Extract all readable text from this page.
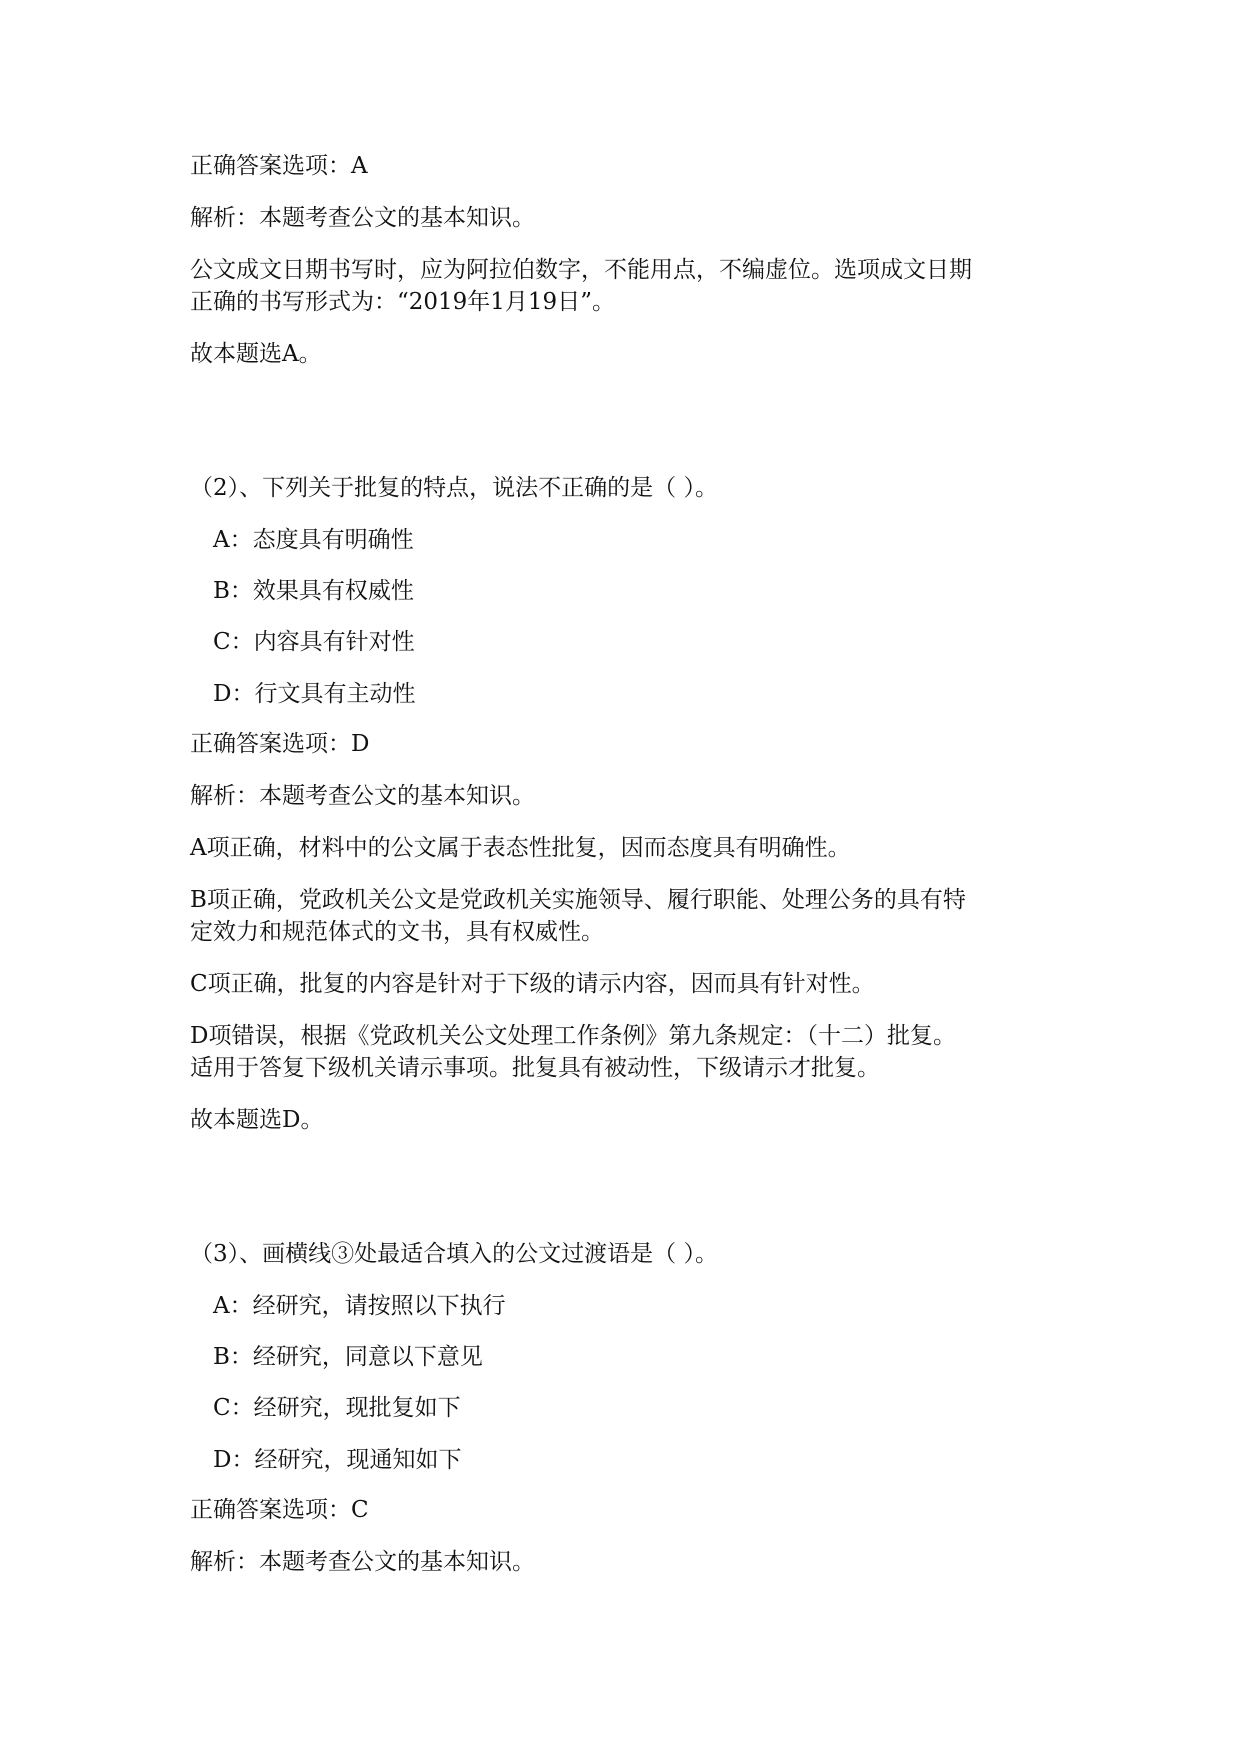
正确答案选项：A

解析：本题考查公文的基本知识。

公文成文日期书写时，应为阿拉伯数字，不能用点，不编虚位。选项成文日期

正确的书写形式为：“2019年1月19日”。

故本题选A。

（2）、下列关于批复的特点，说法不正确的是（ ）。

A：态度具有明确性

B：效果具有权威性

C：内容具有针对性

D：行文具有主动性

正确答案选项：D

解析：本题考查公文的基本知识。

A项正确，材料中的公文属于表态性批复，因而态度具有明确性。

B项正确，党政机关公文是党政机关实施领导、履行职能、处理公务的具有特

定效力和规范体式的文书，具有权威性。

C项正确，批复的内容是针对于下级的请示内容，因而具有针对性。

D项错误，根据《党政机关公文处理工作条例》第九条规定：（十二）批复。

适用于答复下级机关请示事项。批复具有被动性，下级请示才批复。

故本题选D。

（3）、画横线③处最适合填入的公文过渡语是（ ）。

A：经研究，请按照以下执行

B：经研究，同意以下意见

C：经研究，现批复如下

D：经研究，现通知如下

正确答案选项：C

解析：本题考查公文的基本知识。
